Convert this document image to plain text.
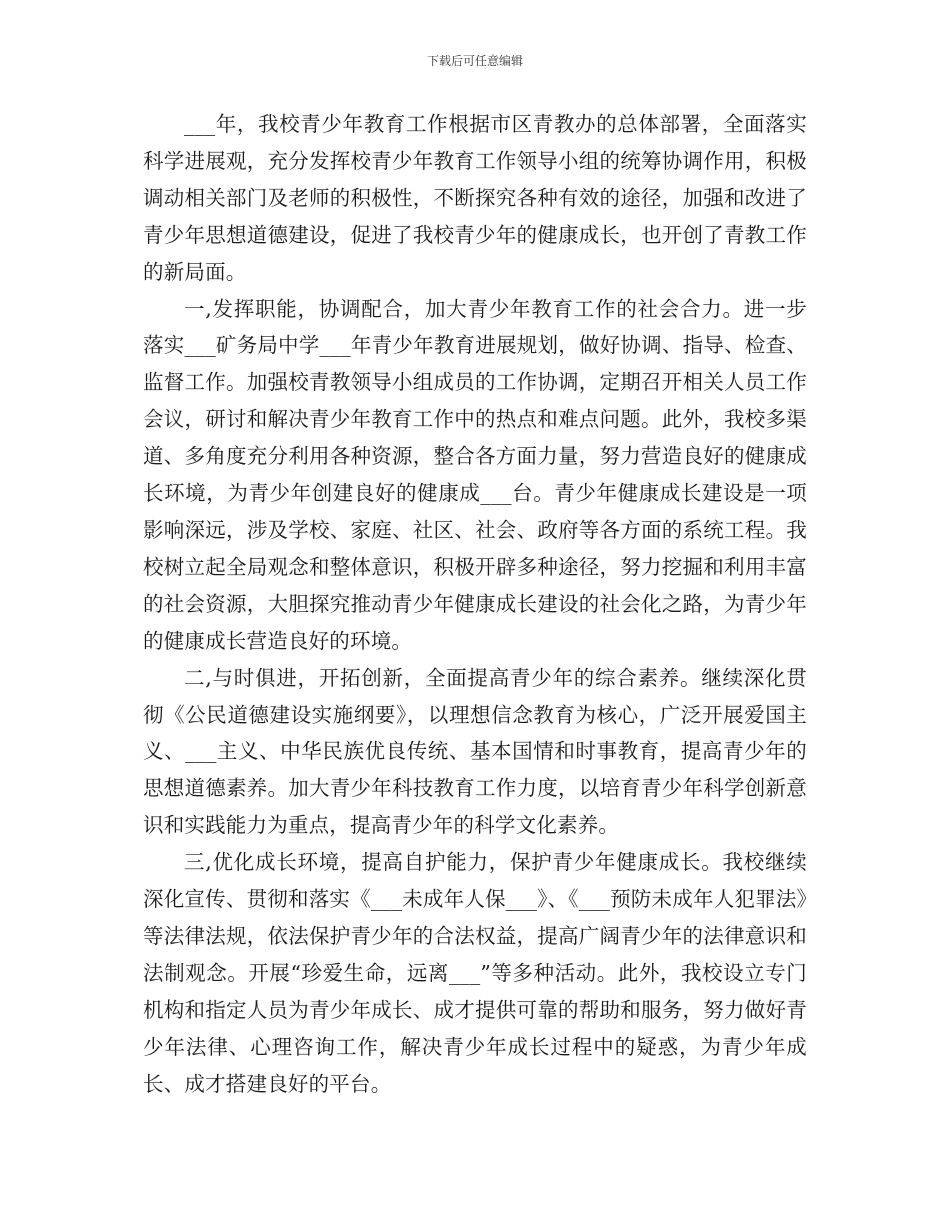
下载后可任意编辑

___年，我校青少年教育工作根据市区青教办的总体部署，全面落实科学进展观，充分发挥校青少年教育工作领导小组的统筹协调作用，积极调动相关部门及老师的积极性，不断探究各种有效的途径，加强和改进了青少年思想道德建设，促进了我校青少年的健康成长，也开创了青教工作的新局面。

一,发挥职能，协调配合，加大青少年教育工作的社会合力。进一步落实___矿务局中学___年青少年教育进展规划，做好协调、指导、检查、监督工作。加强校青教领导小组成员的工作协调，定期召开相关人员工作会议，研讨和解决青少年教育工作中的热点和难点问题。此外，我校多渠道、多角度充分利用各种资源，整合各方面力量，努力营造良好的健康成长环境，为青少年创建良好的健康成___台。青少年健康成长建设是一项影响深远，涉及学校、家庭、社区、社会、政府等各方面的系统工程。我校树立起全局观念和整体意识，积极开辟多种途径，努力挖掘和利用丰富的社会资源，大胆探究推动青少年健康成长建设的社会化之路，为青少年的健康成长营造良好的环境。

二,与时俱进，开拓创新，全面提高青少年的综合素养。继续深化贯彻《公民道德建设实施纲要》，以理想信念教育为核心，广泛开展爱国主义、___主义、中华民族优良传统、基本国情和时事教育，提高青少年的思想道德素养。加大青少年科技教育工作力度，以培育青少年科学创新意识和实践能力为重点，提高青少年的科学文化素养。

三,优化成长环境，提高自护能力，保护青少年健康成长。我校继续深化宣传、贯彻和落实《___未成年人保___》、《___预防未成年人犯罪法》等法律法规，依法保护青少年的合法权益，提高广阔青少年的法律意识和法制观念。开展“珍爱生命，远离___”等多种活动。此外，我校设立专门机构和指定人员为青少年成长、成才提供可靠的帮助和服务，努力做好青少年法律、心理咨询工作，解决青少年成长过程中的疑惑，为青少年成长、成才搭建良好的平台。
